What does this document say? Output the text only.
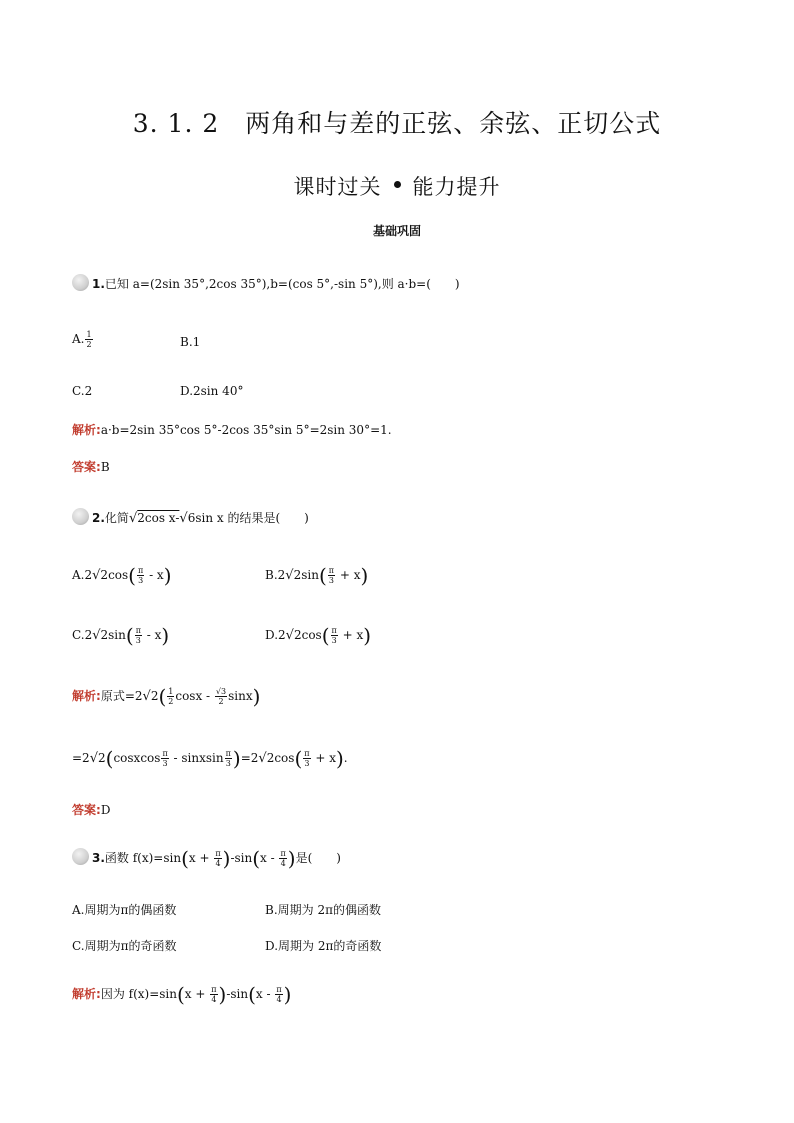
3. 1. 2　两角和与差的正弦、余弦、正切公式
课时过关 能力提升
基础巩固
1.已知 a=(2sin 35°,2cos 35°),b=(cos 5°,-sin 5°),则 a·b=(　　)
A. $\frac{1}{2}$	B.1
C.2	D.2sin 40°
解析:a·b=2sin 35°cos 5°-2cos 35°sin 5°=2sin 30°=1.
答案:B
2.化简√2cos x-√6sin x 的结果是(　　)
$A.2√2\cos( \frac{\pi}{3} - x)$	$B.2√2\sin( \frac{\pi}{3} + x)$
$C.2√2\sin( \frac{\pi}{3} - x)$	$D.2√2\cos( \frac{\pi}{3} + x)$
解析:原式$=2√2( \frac{1}{2}$ cosx - $\frac{√3}{2} \sin x$)
=2√2(cosxcos $\frac{\pi}{3}$ - sinxsin $\frac{\pi}{3} )=2√2\cos( \frac{\pi}{3} + x)$.
答案:D
3.函数 $f(x)=\sin(x + \frac{\pi}{4} )-\sin(x - \frac{\pi}{4}$ )是(　　)
A.周期为π的偶函数	B.周期为 2π的偶函数
C.周期为π的奇函数	D.周期为 2π的奇函数
解析:因为 $f(x)=\sin(x + \frac{\pi}{4} )-\sin(x - \frac{\pi}{4}$ )
